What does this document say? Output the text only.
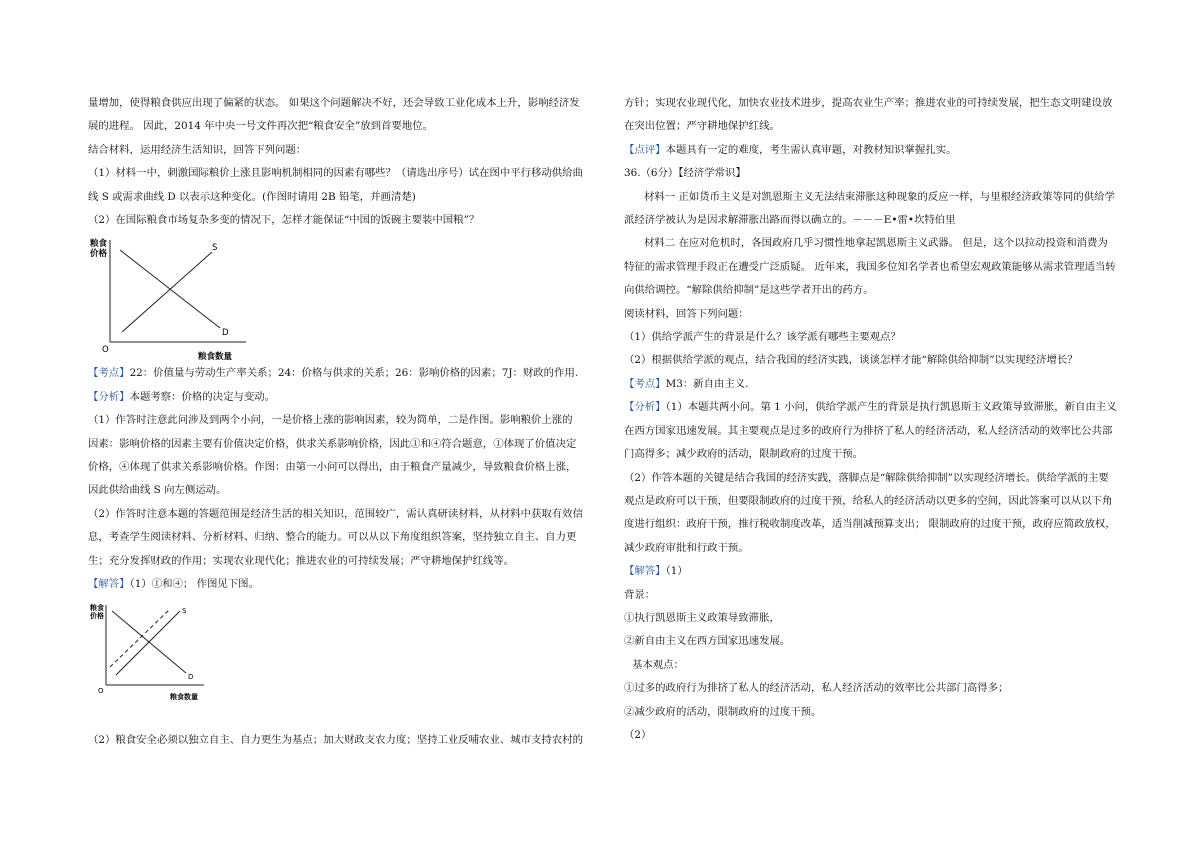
量增加，使得粮食供应出现了偏紧的状态。 如果这个问题解决不好，还会导致工业化成本上升，影响经济发
展的进程。 因此，2014 年中央一号文件再次把“粮食安全”放到首要地位。
结合材料，运用经济生活知识，回答下列问题：
（1）材料一中，刺激国际粮价上涨且影响机制相同的因素有哪些？（请选出序号）试在图中平行移动供给曲
线 S 或需求曲线 D 以表示这种变化。(作图时请用 2B 铅笔，并画清楚)
（2）在国际粮食市场复杂多变的情况下，怎样才能保证“中国的饭碗主要装中国粮”？
粮食
价格
O
S
D
粮食数量
【考点】22：价值量与劳动生产率关系；24：价格与供求的关系；26：影响价格的因素；7J：财政的作用.
【分析】本题考察：价格的决定与变动。
（1）作答时注意此问涉及到两个小问，一是价格上涨的影响因素，较为简单，二是作图。影响粮价上涨的
因素：影响价格的因素主要有价值决定价格，供求关系影响价格，因此①和④符合题意，①体现了价值决定
价格，④体现了供求关系影响价格。作图：由第一小问可以得出，由于粮食产量减少，导致粮食价格上涨，
因此供给曲线 S 向左侧运动。
（2）作答时注意本题的答题范围是经济生活的相关知识，范围较广，需认真研读材料，从材料中获取有效信
息，考查学生阅读材料、分析材料、归纳、整合的能力。可以从以下角度组织答案，坚持独立自主、自力更
生；充分发挥财政的作用；实现农业现代化；推进农业的可持续发展；严守耕地保护红线等。
【解答】（1）①和④； 作图见下图。
粮食
价格
O
S
D
粮食数量
（2）粮食安全必须以独立自主、自力更生为基点；加大财政支农力度；坚持工业反哺农业、城市支持农村的
方针；实现农业现代化，加快农业技术进步，提高农业生产率；推进农业的可持续发展，把生态文明建设放
在突出位置；严守耕地保护红线。
【点评】本题具有一定的难度，考生需认真审题，对教材知识掌握扎实。
36.（6分）【经济学常识】
材料一 正如货币主义是对凯恩斯主义无法结束滞胀这种现象的反应一样，与里根经济政策等同的供给学
派经济学被认为是因求解滞胀出路而得以确立的。－－－E•雷•坎特伯里
材料二 在应对危机时，各国政府几乎习惯性地拿起凯恩斯主义武器。 但是，这个以拉动投资和消费为
特征的需求管理手段正在遭受广泛质疑。 近年来，我国多位知名学者也希望宏观政策能够从需求管理适当转
向供给调控。“解除供给抑制”是这些学者开出的药方。
阅读材料，回答下列问题：
（1）供给学派产生的背景是什么？该学派有哪些主要观点？
（2）根据供给学派的观点，结合我国的经济实践，谈谈怎样才能“解除供给抑制”以实现经济增长？
【考点】M3：新自由主义.
【分析】（1）本题共两小问。第 1 小问，供给学派产生的背景是执行凯恩斯主义政策导致滞胀，新自由主义
在西方国家迅速发展。其主要观点是过多的政府行为排挤了私人的经济活动，私人经济活动的效率比公共部
门高得多；减少政府的活动，限制政府的过度干预。
（2）作答本题的关键是结合我国的经济实践，落脚点是“解除供给抑制”以实现经济增长。供给学派的主要
观点是政府可以干预，但要限制政府的过度干预，给私人的经济活动以更多的空间，因此答案可以从以下角
度进行组织：政府干预，推行税收制度改革，适当削减预算支出； 限制政府的过度干预，政府应简政放权，
减少政府审批和行政干预。
【解答】（1）
背景：
①执行凯恩斯主义政策导致滞胀，
②新自由主义在西方国家迅速发展。
基本观点：
①过多的政府行为排挤了私人的经济活动，私人经济活动的效率比公共部门高得多；
②减少政府的活动，限制政府的过度干预。
（2）
